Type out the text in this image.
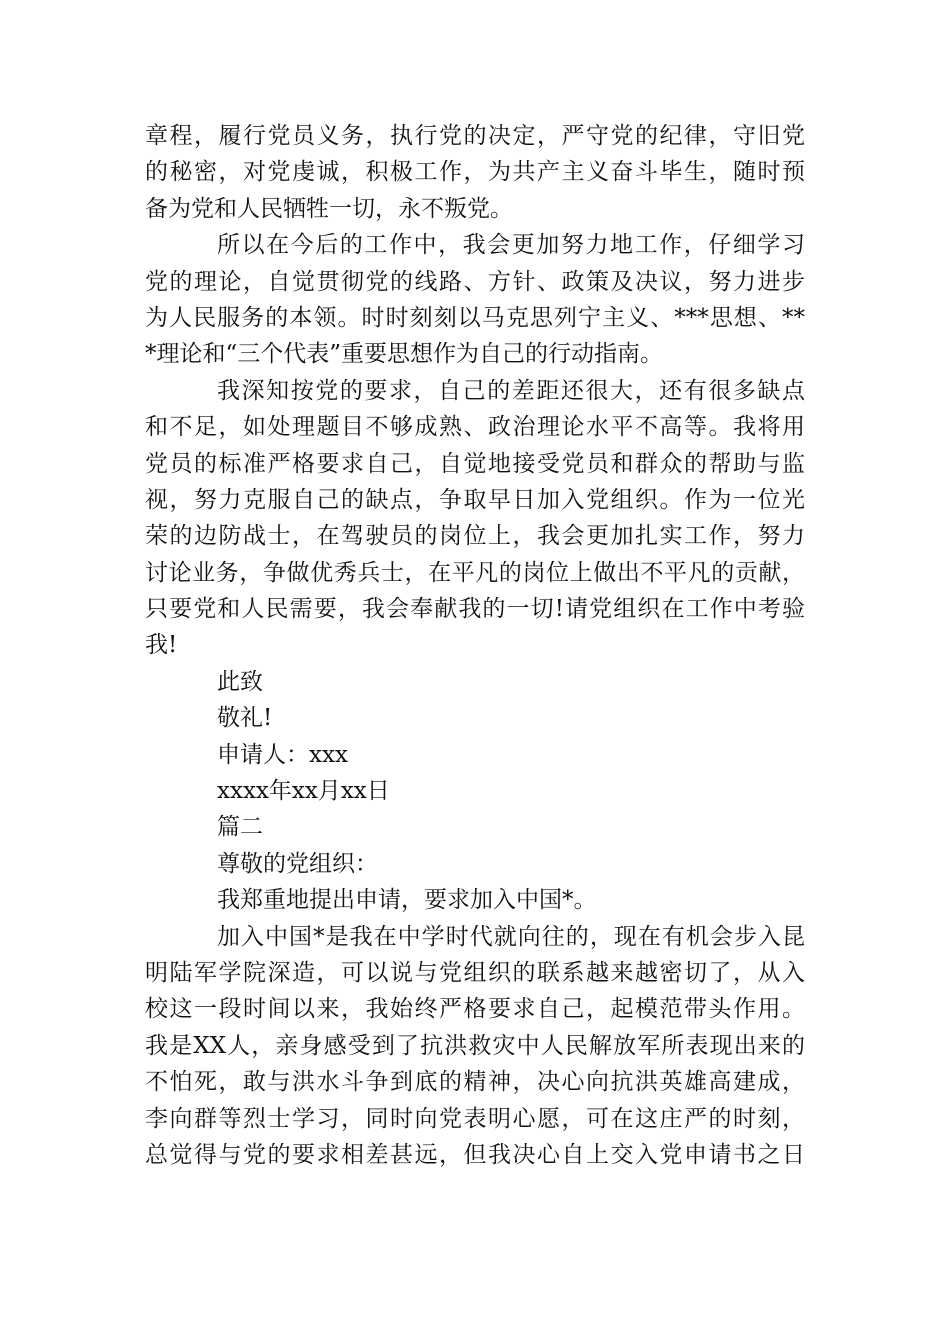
章程，履行党员义务，执行党的决定，严守党的纪律，守旧党
的秘密，对党虔诚，积极工作，为共产主义奋斗毕生，随时预
备为党和人民牺牲一切，永不叛党。
所以在今后的工作中，我会更加努力地工作，仔细学习
党的理论，自觉贯彻党的线路、方针、政策及决议，努力进步
为人民服务的本领。时时刻刻以马克思列宁主义、***思想、**
*理论和“三个代表”重要思想作为自己的行动指南。
我深知按党的要求，自己的差距还很大，还有很多缺点
和不足，如处理题目不够成熟、政治理论水平不高等。我将用
党员的标准严格要求自己，自觉地接受党员和群众的帮助与监
视，努力克服自己的缺点，争取早日加入党组织。作为一位光
荣的边防战士，在驾驶员的岗位上，我会更加扎实工作，努力
讨论业务，争做优秀兵士，在平凡的岗位上做出不平凡的贡献，
只要党和人民需要，我会奉献我的一切!请党组织在工作中考验
我!
此致
敬礼!
申请人：xxx
xxxx年xx月xx日
篇二
尊敬的党组织：
我郑重地提出申请，要求加入中国*。
加入中国*是我在中学时代就向往的，现在有机会步入昆
明陆军学院深造，可以说与党组织的联系越来越密切了，从入
校这一段时间以来，我始终严格要求自己，起模范带头作用。
我是XX人，亲身感受到了抗洪救灾中人民解放军所表现出来的
不怕死，敢与洪水斗争到底的精神，决心向抗洪英雄高建成，
李向群等烈士学习，同时向党表明心愿，可在这庄严的时刻，
总觉得与党的要求相差甚远，但我决心自上交入党申请书之日
